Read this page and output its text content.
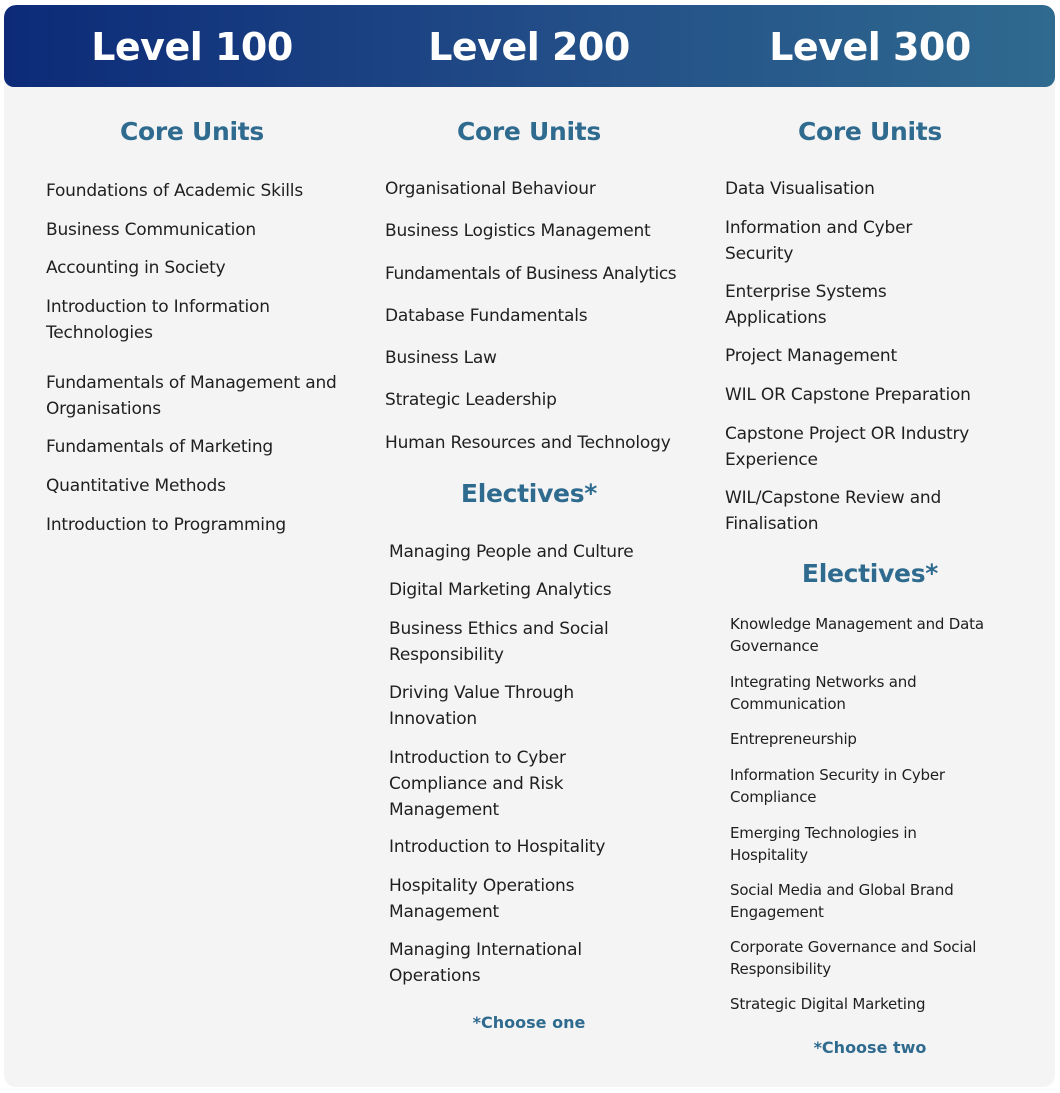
Level 100	Level 200	Level 300
Core Units
Foundations of Academic Skills
Business Communication
Accounting in Society
Introduction to Information Technologies
Fundamentals of Management and Organisations
Fundamentals of Marketing
Quantitative Methods
Introduction to Programming
Core Units
Organisational Behaviour
Business Logistics Management
Fundamentals of Business Analytics
Database Fundamentals
Business Law
Strategic Leadership
Human Resources and Technology
Electives*
Managing People and Culture
Digital Marketing Analytics
Business Ethics and Social Responsibility
Driving Value Through Innovation
Introduction to Cyber Compliance and Risk Management
Introduction to Hospitality
Hospitality Operations Management
Managing International Operations
*Choose one
Core Units
Data Visualisation
Information and Cyber Security
Enterprise Systems Applications
Project Management
WIL OR Capstone Preparation
Capstone Project OR Industry Experience
WIL/Capstone Review and Finalisation
Electives*
Knowledge Management and Data Governance
Integrating Networks and Communication
Entrepreneurship
Information Security in Cyber Compliance
Emerging Technologies in Hospitality
Social Media and Global Brand Engagement
Corporate Governance and Social Responsibility
Strategic Digital Marketing
*Choose two
